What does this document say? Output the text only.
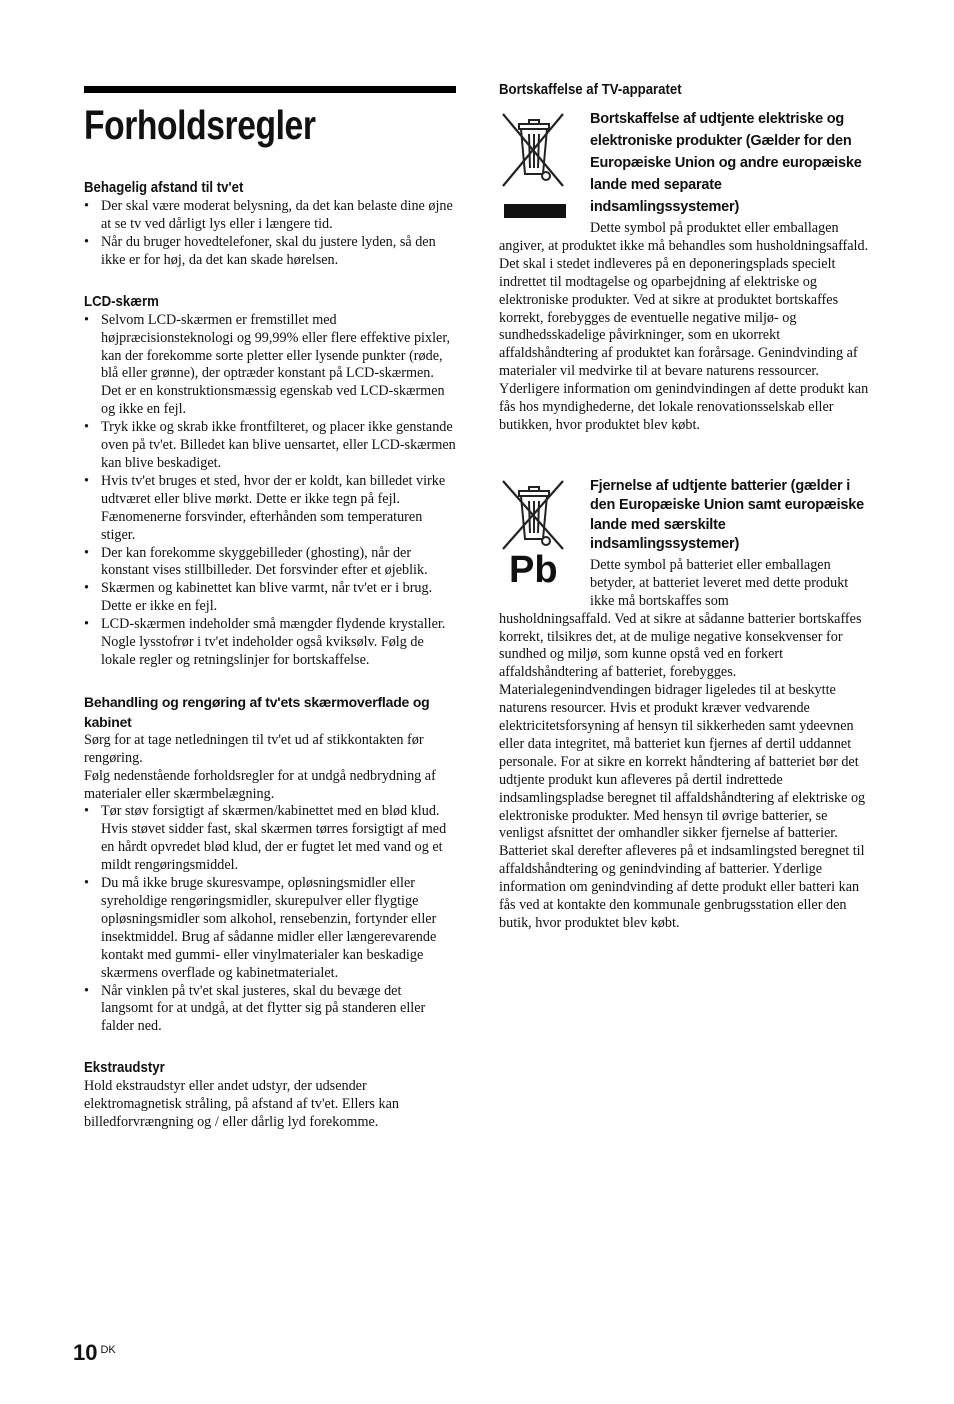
Forholdsregler
Behagelig afstand til tv'et
• Der skal være moderat belysning, da det kan belaste dine øjne at se tv ved dårligt lys eller i længere tid.
• Når du bruger hovedtelefoner, skal du justere lyden, så den ikke er for høj, da det kan skade hørelsen.
LCD-skærm
• Selvom LCD-skærmen er fremstillet med højpræcisionsteknologi og 99,99% eller flere effektive pixler, kan der forekomme sorte pletter eller lysende punkter (røde, blå eller grønne), der optræder konstant på LCD-skærmen. Det er en konstruktionsmæssig egenskab ved LCD-skærmen og ikke en fejl.
• Tryk ikke og skrab ikke frontfilteret, og placer ikke genstande oven på tv'et. Billedet kan blive uensartet, eller LCD-skærmen kan blive beskadiget.
• Hvis tv'et bruges et sted, hvor der er koldt, kan billedet virke udtværet eller blive mørkt. Dette er ikke tegn på fejl. Fænomenerne forsvinder, efterhånden som temperaturen stiger.
• Der kan forekomme skyggebilleder (ghosting), når der konstant vises stillbilleder. Det forsvinder efter et øjeblik.
• Skærmen og kabinettet kan blive varmt, når tv'et er i brug. Dette er ikke en fejl.
• LCD-skærmen indeholder små mængder flydende krystaller. Nogle lysstofrør i tv'et indeholder også kviksølv. Følg de lokale regler og retningslinjer for bortskaffelse.
Behandling og rengøring af tv'ets skærmoverflade og kabinet

Sørg for at tage netledningen til tv'et ud af stikkontakten før rengøring.

Følg nedenstående forholdsregler for at undgå nedbrydning af materialer eller skærmbelægning.

• Tør støv forsigtigt af skærmen/kabinettet med en blød klud. Hvis støvet sidder fast, skal skærmen tørres forsigtigt af med en hårdt opvredet blød klud, der er fugtet let med vand og et mildt rengøringsmiddel.
• Du må ikke bruge skuresvampe, opløsningsmidler eller syreholdige rengøringsmidler, skurepulver eller flygtige opløsningsmidler som alkohol, rensebenzin, fortynder eller insektmiddel. Brug af sådanne midler eller længerevarende kontakt med gummi- eller vinylmaterialer kan beskadige skærmens overflade og kabinetmaterialet.
• Når vinklen på tv'et skal justeres, skal du bevæge det langsomt for at undgå, at det flytter sig på standeren eller falder ned.
Ekstraudstyr

Hold ekstraudstyr eller andet udstyr, der udsender elektromagnetisk stråling, på afstand af tv'et. Ellers kan billedforvrængning og / eller dårlig lyd forekomme.

Bortskaffelse af TV-apparatet
Bortskaffelse af udtjente elektriske og elektroniske produkter (Gælder for den Europæiske Union og andre europæiske lande med separate indsamlingssystemer)

Dette symbol på produktet eller emballagen

angiver, at produktet ikke må behandles som husholdningsaffald. Det skal i stedet indleveres på en deponeringsplads specielt indrettet til modtagelse og oparbejdning af elektriske og elektroniske produkter. Ved at sikre at produktet bortskaffes korrekt, forebygges de eventuelle negative miljø- og sundhedsskadelige påvirkninger, som en ukorrekt affaldshåndtering af produktet kan forårsage. Genindvinding af materialer vil medvirke til at bevare naturens ressourcer. Yderligere information om genindvindingen af dette produkt kan fås hos myndighederne, det lokale renovationsselskab eller butikken, hvor produktet blev købt.

Pb
Fjernelse af udtjente batterier (gælder i den Europæiske Union samt europæiske lande med særskilte indsamlingssystemer)

Dette symbol på batteriet eller emballagen betyder, at batteriet leveret med dette produkt ikke må bortskaffes som

husholdningsaffald. Ved at sikre at sådanne batterier bortskaffes korrekt, tilsikres det, at de mulige negative konsekvenser for sundhed og miljø, som kunne opstå ved en forkert affaldshåndtering af batteriet, forebygges. Materialegenindvendingen bidrager ligeledes til at beskytte naturens resourcer. Hvis et produkt kræver vedvarende elektricitetsforsyning af hensyn til sikkerheden samt ydeevnen eller data integritet, må batteriet kun fjernes af dertil uddannet personale. For at sikre en korrekt håndtering af batteriet bør det udtjente produkt kun afleveres på dertil indrettede indsamlingspladse beregnet til affaldshåndtering af elektriske og elektroniske produkter. Med hensyn til øvrige batterier, se venligst afsnittet der omhandler sikker fjernelse af batterier. Batteriet skal derefter afleveres på et indsamlingsted beregnet til affaldshåndtering og genindvinding af batterier. Yderlige information om genindvinding af dette produkt eller batteri kan fås ved at kontakte den kommunale genbrugsstation eller den butik, hvor produktet blev købt.

10 $^{DK}$
